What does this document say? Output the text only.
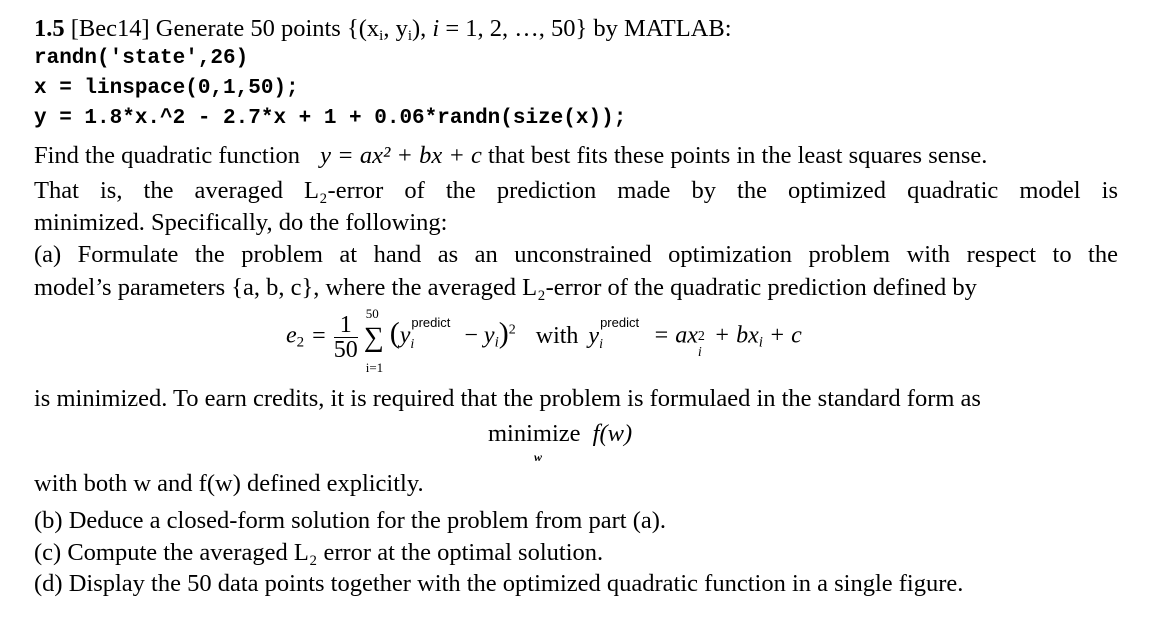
1.5 [Bec14] Generate 50 points {($x_i$, $y_i$), i = 1, 2, …, 50} by MATLAB:
randn('state',26)
x = linspace(0,1,50);
y = 1.8*x.^2 - 2.7*x + 1 + 0.06*randn(size(x));
Find the quadratic function y = ax² + bx + c that best fits these points in the least squares sense.
That is, the averaged L₂-error of the prediction made by the optimized quadratic model is
minimized. Specifically, do the following:
(a) Formulate the problem at hand as an unconstrained optimization problem with respect to the
model’s parameters {a, b, c}, where the averaged L₂-error of the quadratic prediction defined by
$e_2 = \frac{1}{50}$
50
∑
i=1
(y
predict
$i - y_i)^2$ with y
predict
i = ax 2
i
+ $bx_i + c$
is minimized. To earn credits, it is required that the problem is formulaed in the standard form as
minimize f(w)
w
with both w and f(w) defined explicitly.
(b) Deduce a closed-form solution for the problem from part (a).
(c) Compute the averaged L₂ error at the optimal solution.
(d) Display the 50 data points together with the optimized quadratic function in a single figure.
